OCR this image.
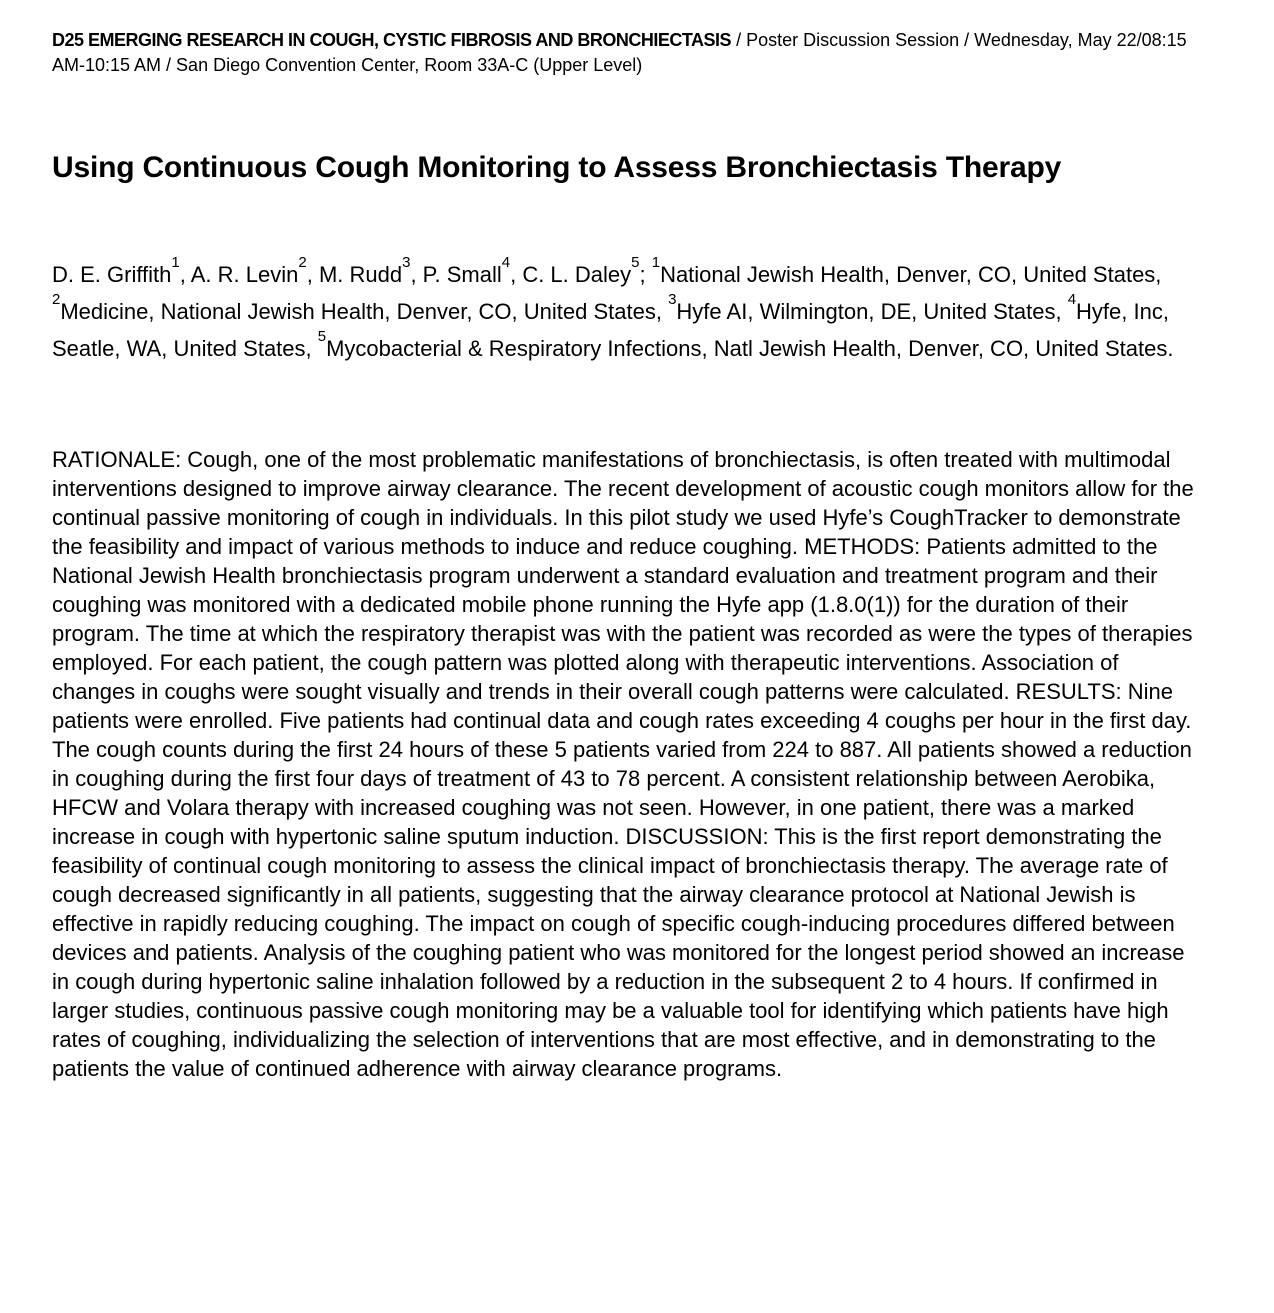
D25 EMERGING RESEARCH IN COUGH, CYSTIC FIBROSIS AND BRONCHIECTASIS / Poster Discussion Session / Wednesday, May 22/08:15 AM-10:15 AM / San Diego Convention Center, Room 33A-C (Upper Level)

Using Continuous Cough Monitoring to Assess Bronchiectasis Therapy

D. E. Griffith$^1$, A. R. Levin$^2$, M. Rudd$^3$, P. Small$^4$, C. L. Daley$^5$; $^1$National Jewish Health, Denver, CO, United States, $^2$Medicine, National Jewish Health, Denver, CO, United States, $^3$Hyfe AI, Wilmington, DE, United States, $^4$Hyfe, Inc, Seatle, WA, United States, $^5$Mycobacterial & Respiratory Infections, Natl Jewish Health, Denver, CO, United States.

RATIONALE: Cough, one of the most problematic manifestations of bronchiectasis, is often treated with multimodal interventions designed to improve airway clearance. The recent development of acoustic cough monitors allow for the continual passive monitoring of cough in individuals. In this pilot study we used Hyfe’s CoughTracker to demonstrate the feasibility and impact of various methods to induce and reduce coughing. METHODS: Patients admitted to the National Jewish Health bronchiectasis program underwent a standard evaluation and treatment program and their coughing was monitored with a dedicated mobile phone running the Hyfe app (1.8.0(1)) for the duration of their program. The time at which the respiratory therapist was with the patient was recorded as were the types of therapies employed. For each patient, the cough pattern was plotted along with therapeutic interventions. Association of changes in coughs were sought visually and trends in their overall cough patterns were calculated. RESULTS: Nine patients were enrolled. Five patients had continual data and cough rates exceeding 4 coughs per hour in the first day. The cough counts during the first 24 hours of these 5 patients varied from 224 to 887. All patients showed a reduction in coughing during the first four days of treatment of 43 to 78 percent. A consistent relationship between Aerobika, HFCW and Volara therapy with increased coughing was not seen. However, in one patient, there was a marked increase in cough with hypertonic saline sputum induction. DISCUSSION: This is the first report demonstrating the feasibility of continual cough monitoring to assess the clinical impact of bronchiectasis therapy. The average rate of cough decreased significantly in all patients, suggesting that the airway clearance protocol at National Jewish is effective in rapidly reducing coughing. The impact on cough of specific cough-inducing procedures differed between devices and patients. Analysis of the coughing patient who was monitored for the longest period showed an increase in cough during hypertonic saline inhalation followed by a reduction in the subsequent 2 to 4 hours. If confirmed in larger studies, continuous passive cough monitoring may be a valuable tool for identifying which patients have high rates of coughing, individualizing the selection of interventions that are most effective, and in demonstrating to the patients the value of continued adherence with airway clearance programs.
